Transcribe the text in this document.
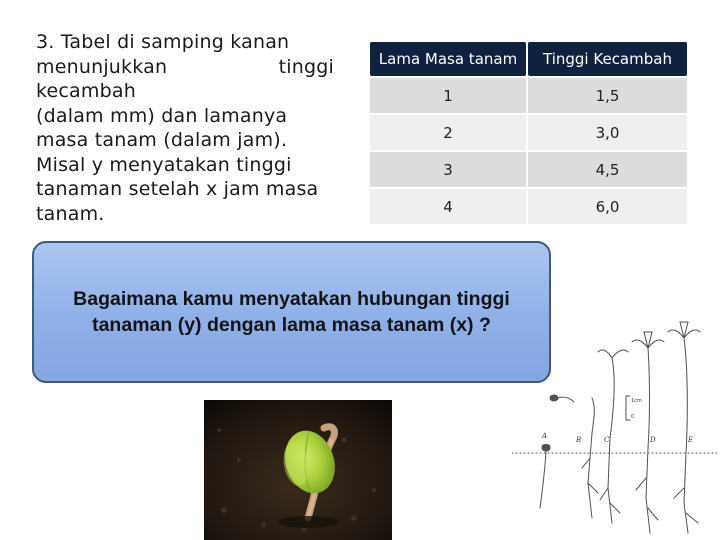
3. Tabel di samping kanan

menunjukkan tinggi kecambah

(dalam mm) dan lamanya

masa tanam (dalam jam).

Misal y menyatakan tinggi

tanaman setelah x jam masa

tanam.

Lama Masa tanam	Tinggi Kecambah
1	1,5
2	3,0
3	4,5
4	6,0
Bagaimana kamu menyatakan hubungan tinggi
tanaman (y) dengan lama masa tanam (x) ?
1cm
0
A	B	C	D	E
